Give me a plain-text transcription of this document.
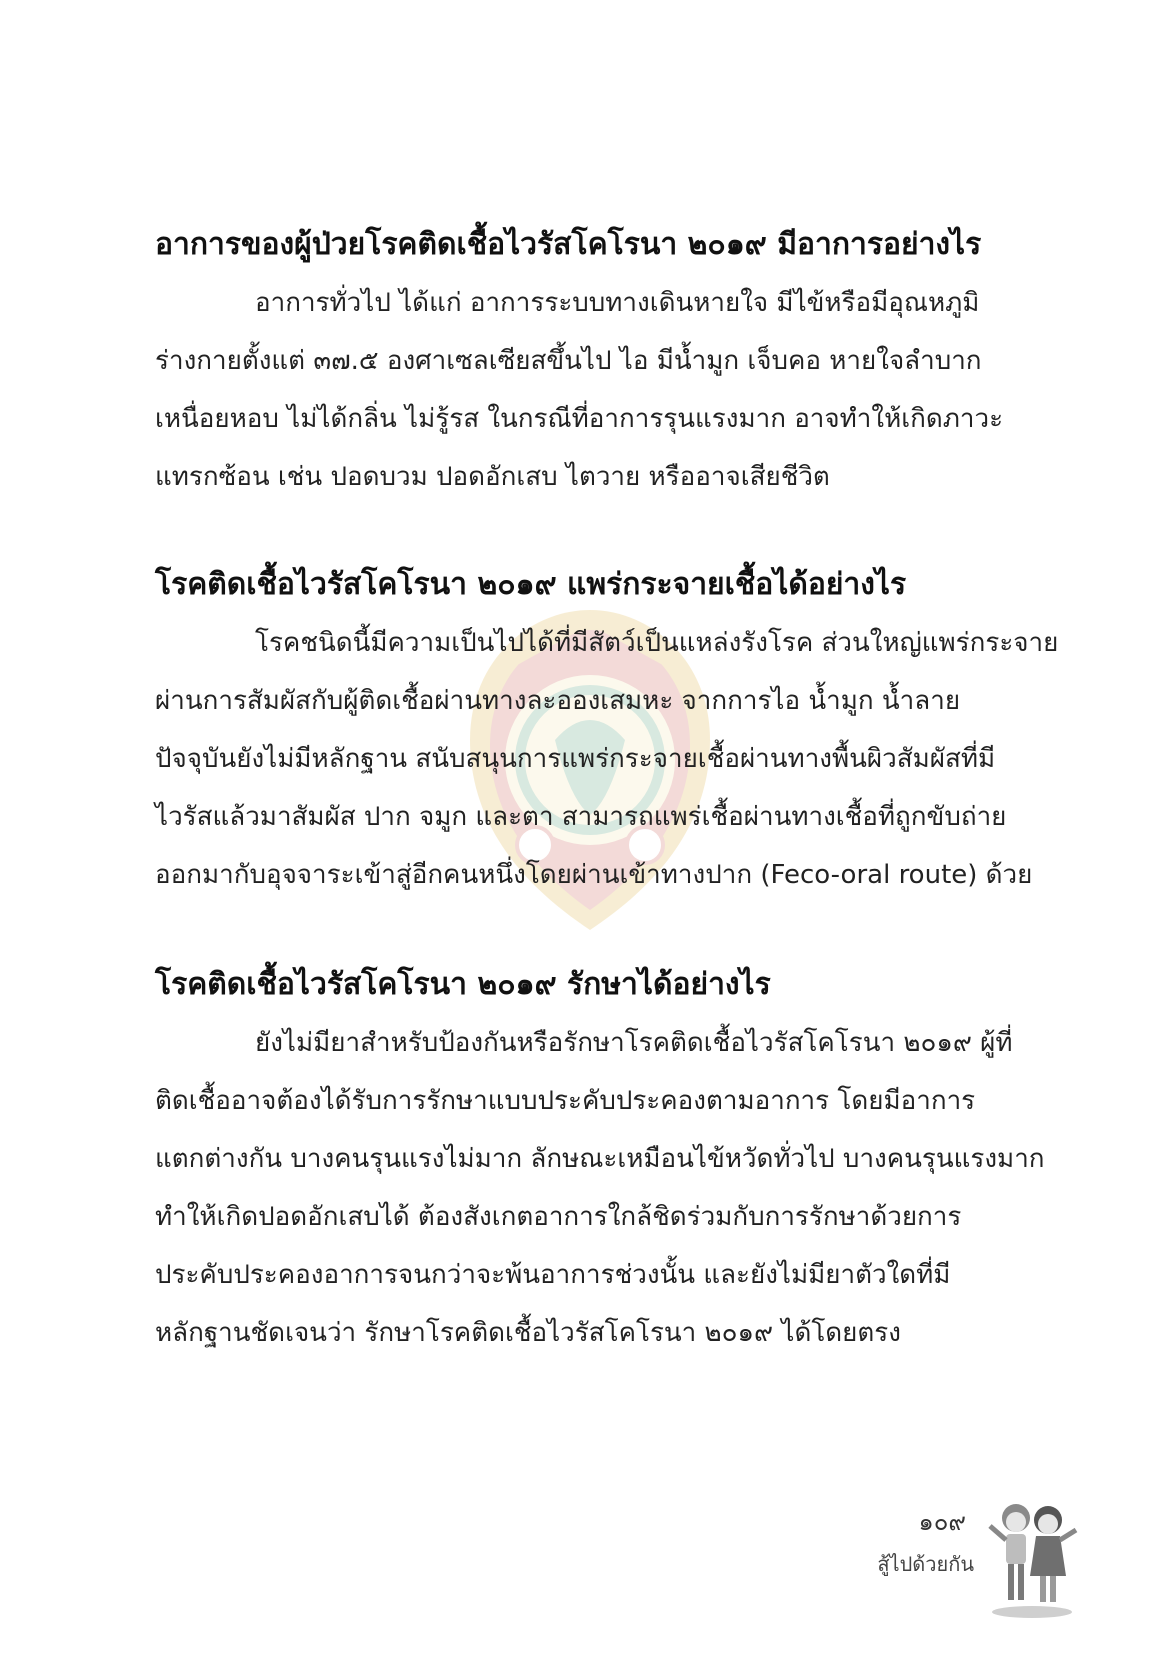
อาการของผู้ป่วยโรคติดเชื้อไวรัสโคโรนา ๒๐๑๙ มีอาการอย่างไร

อาการทั่วไป ได้แก่ อาการระบบทางเดินหายใจ มีไข้หรือมีอุณหภูมิ
ร่างกายตั้งแต่ ๓๗.๕ องศาเซลเซียสขึ้นไป ไอ มีน้ำมูก เจ็บคอ หายใจลำบาก
เหนื่อยหอบ ไม่ได้กลิ่น ไม่รู้รส ในกรณีที่อาการรุนแรงมาก อาจทำให้เกิดภาวะ
แทรกซ้อน เช่น ปอดบวม ปอดอักเสบ ไตวาย หรืออาจเสียชีวิต

โรคติดเชื้อไวรัสโคโรนา ๒๐๑๙ แพร่กระจายเชื้อได้อย่างไร

โรคชนิดนี้มีความเป็นไปได้ที่มีสัตว์เป็นแหล่งรังโรค ส่วนใหญ่แพร่กระจาย
ผ่านการสัมผัสกับผู้ติดเชื้อผ่านทางละอองเสมหะ จากการไอ น้ำมูก น้ำลาย
ปัจจุบันยังไม่มีหลักฐาน สนับสนุนการแพร่กระจายเชื้อผ่านทางพื้นผิวสัมผัสที่มี
ไวรัสแล้วมาสัมผัส ปาก จมูก และตา สามารถแพร่เชื้อผ่านทางเชื้อที่ถูกขับถ่าย
ออกมากับอุจจาระเข้าสู่อีกคนหนึ่งโดยผ่านเข้าทางปาก (Feco-oral route) ด้วย

โรคติดเชื้อไวรัสโคโรนา ๒๐๑๙ รักษาได้อย่างไร

ยังไม่มียาสำหรับป้องกันหรือรักษาโรคติดเชื้อไวรัสโคโรนา ๒๐๑๙ ผู้ที่
ติดเชื้ออาจต้องได้รับการรักษาแบบประคับประคองตามอาการ โดยมีอาการ
แตกต่างกัน บางคนรุนแรงไม่มาก ลักษณะเหมือนไข้หวัดทั่วไป บางคนรุนแรงมาก
ทำให้เกิดปอดอักเสบได้ ต้องสังเกตอาการใกล้ชิดร่วมกับการรักษาด้วยการ
ประคับประคองอาการจนกว่าจะพ้นอาการช่วงนั้น และยังไม่มียาตัวใดที่มี
หลักฐานชัดเจนว่า รักษาโรคติดเชื้อไวรัสโคโรนา ๒๐๑๙ ได้โดยตรง

๑๐๙
สู้ไปด้วยกัน
